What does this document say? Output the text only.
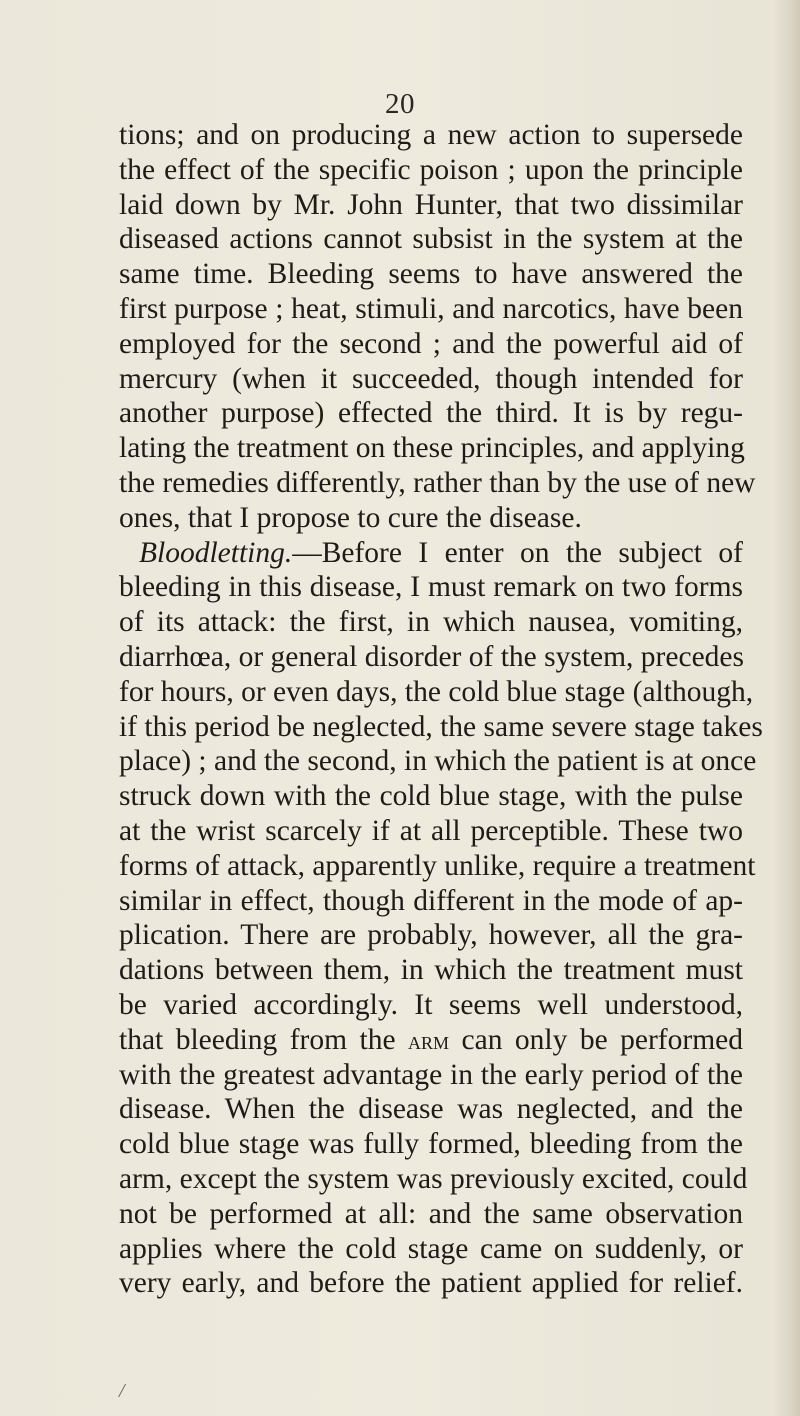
20
tions; and on producing a new action to supersede
the effect of the specific poison ; upon the principle
laid down by Mr. John Hunter, that two dissimilar
diseased actions cannot subsist in the system at the
same time. Bleeding seems to have answered the
first purpose ; heat, stimuli, and narcotics, have been
employed for the second ; and the powerful aid of
mercury (when it succeeded, though intended for
another purpose) effected the third. It is by regu-
lating the treatment on these principles, and applying
the remedies differently, rather than by the use of new
ones, that I propose to cure the disease.
Bloodletting.—Before I enter on the subject of
bleeding in this disease, I must remark on two forms
of its attack: the first, in which nausea, vomiting,
diarrhœa, or general disorder of the system, precedes
for hours, or even days, the cold blue stage (although,
if this period be neglected, the same severe stage takes
place) ; and the second, in which the patient is at once
struck down with the cold blue stage, with the pulse
at the wrist scarcely if at all perceptible. These two
forms of attack, apparently unlike, require a treatment
similar in effect, though different in the mode of ap-
plication. There are probably, however, all the gra-
dations between them, in which the treatment must
be varied accordingly. It seems well understood,
that bleeding from the arm can only be performed
with the greatest advantage in the early period of the
disease. When the disease was neglected, and the
cold blue stage was fully formed, bleeding from the
arm, except the system was previously excited, could
not be performed at all: and the same observation
applies where the cold stage came on suddenly, or
very early, and before the patient applied for relief.
/
